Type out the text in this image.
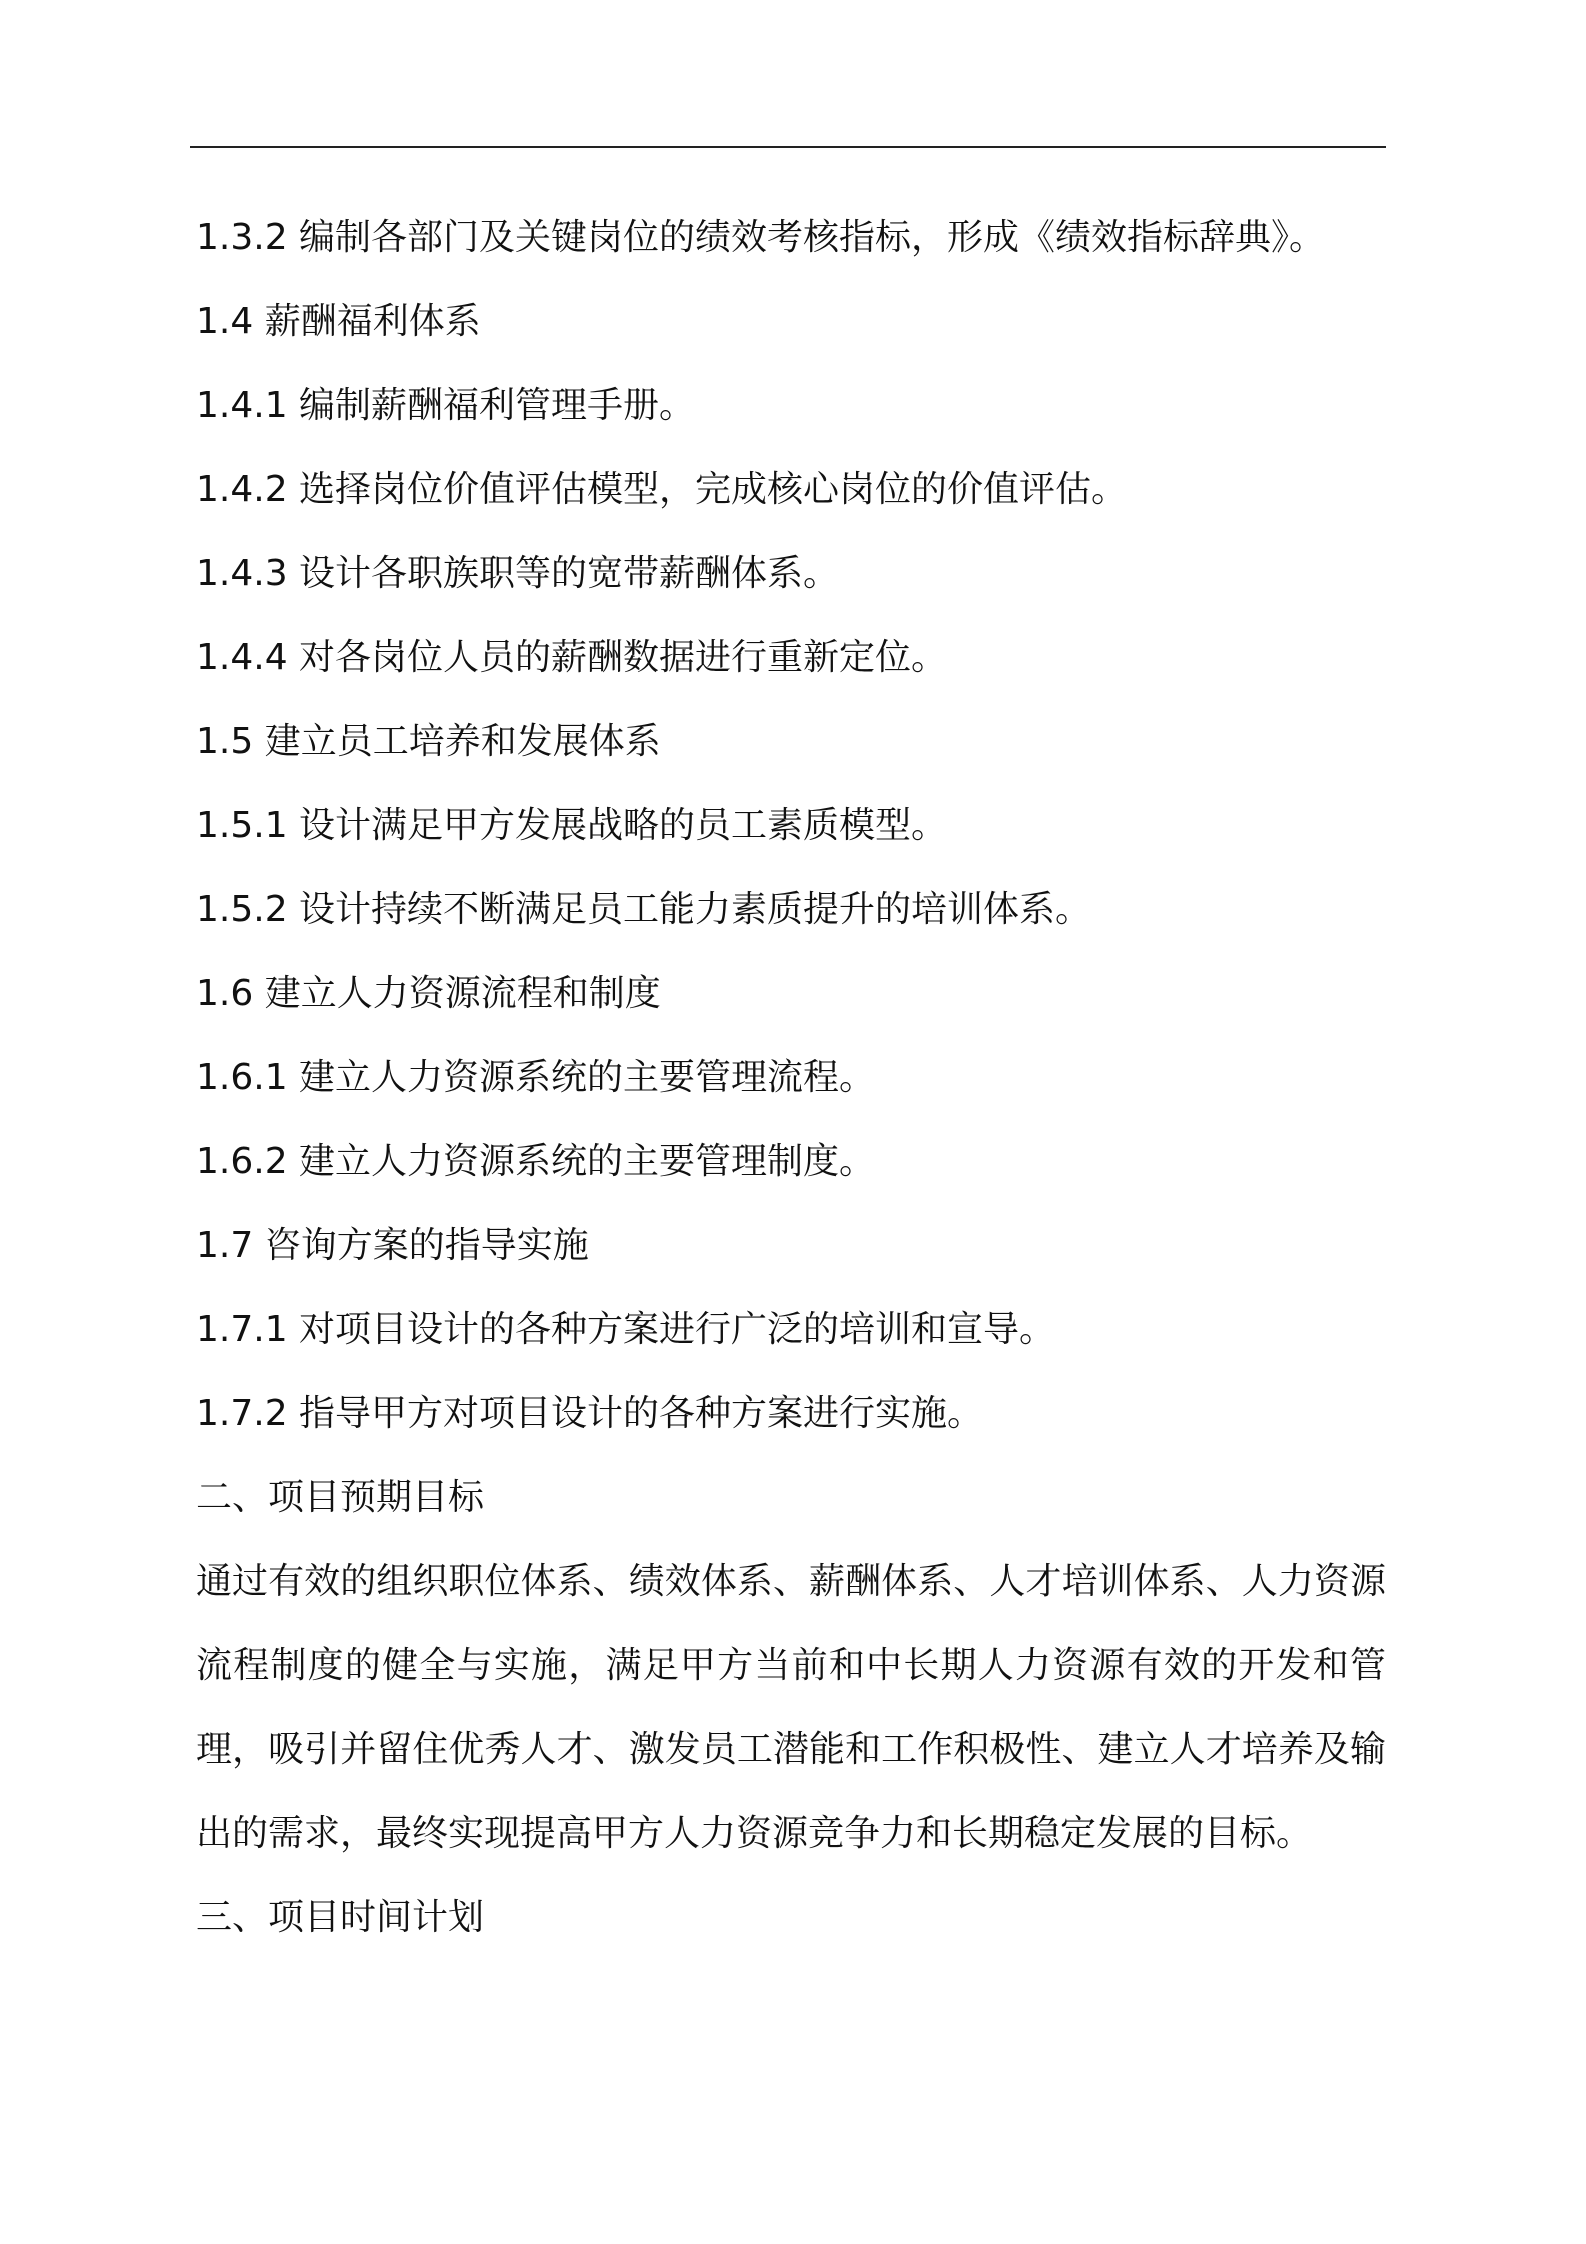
1.3.2 编制各部门及关键岗位的绩效考核指标，形成《绩效指标辞典》。
1.4 薪酬福利体系
1.4.1 编制薪酬福利管理手册。
1.4.2 选择岗位价值评估模型，完成核心岗位的价值评估。
1.4.3 设计各职族职等的宽带薪酬体系。
1.4.4 对各岗位人员的薪酬数据进行重新定位。
1.5 建立员工培养和发展体系
1.5.1 设计满足甲方发展战略的员工素质模型。
1.5.2 设计持续不断满足员工能力素质提升的培训体系。
1.6 建立人力资源流程和制度
1.6.1 建立人力资源系统的主要管理流程。
1.6.2 建立人力资源系统的主要管理制度。
1.7 咨询方案的指导实施
1.7.1 对项目设计的各种方案进行广泛的培训和宣导。
1.7.2 指导甲方对项目设计的各种方案进行实施。
二、项目预期目标

通过有效的组织职位体系、绩效体系、薪酬体系、人才培训体系、人力资源流程制度的健全与实施，满足甲方当前和中长期人力资源有效的开发和管理，吸引并留住优秀人才、激发员工潜能和工作积极性、建立人才培养及输出的需求，最终实现提高甲方人力资源竞争力和长期稳定发展的目标。

三、项目时间计划
